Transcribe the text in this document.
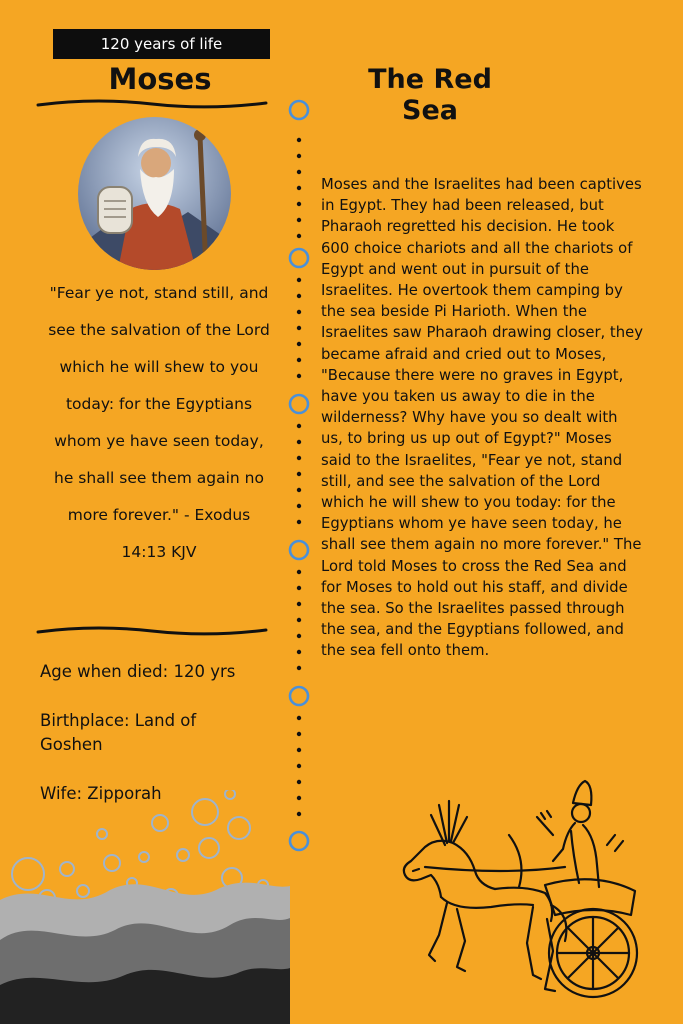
120 years of life
Moses
"Fear ye not, stand still, and see the salvation of the Lord which he will shew to you today: for the Egyptians whom ye have seen today, he shall see them again no more forever." - Exodus 14:13 KJV
Age when died: 120 yrs
Birthplace: Land of Goshen
Wife: Zipporah
The Red Sea
Moses and the Israelites had been captives in Egypt. They had been released, but Pharaoh regretted his decision. He took 600 choice chariots and all the chariots of Egypt and went out in pursuit of the Israelites. He overtook them camping by the sea beside Pi Harioth. When the Israelites saw Pharaoh drawing closer, they became afraid and cried out to Moses, "Because there were no graves in Egypt, have you taken us away to die in the wilderness? Why have you so dealt with us, to bring us up out of Egypt?" Moses said to the Israelites, "Fear ye not, stand still, and see the salvation of the Lord which he will shew to you today: for the Egyptians whom ye have seen today, he shall see them again no more forever." The Lord told Moses to cross the Red Sea and for Moses to hold out his staff, and divide the sea. So the Israelites passed through the sea, and the Egyptians followed, and the sea fell onto them.
